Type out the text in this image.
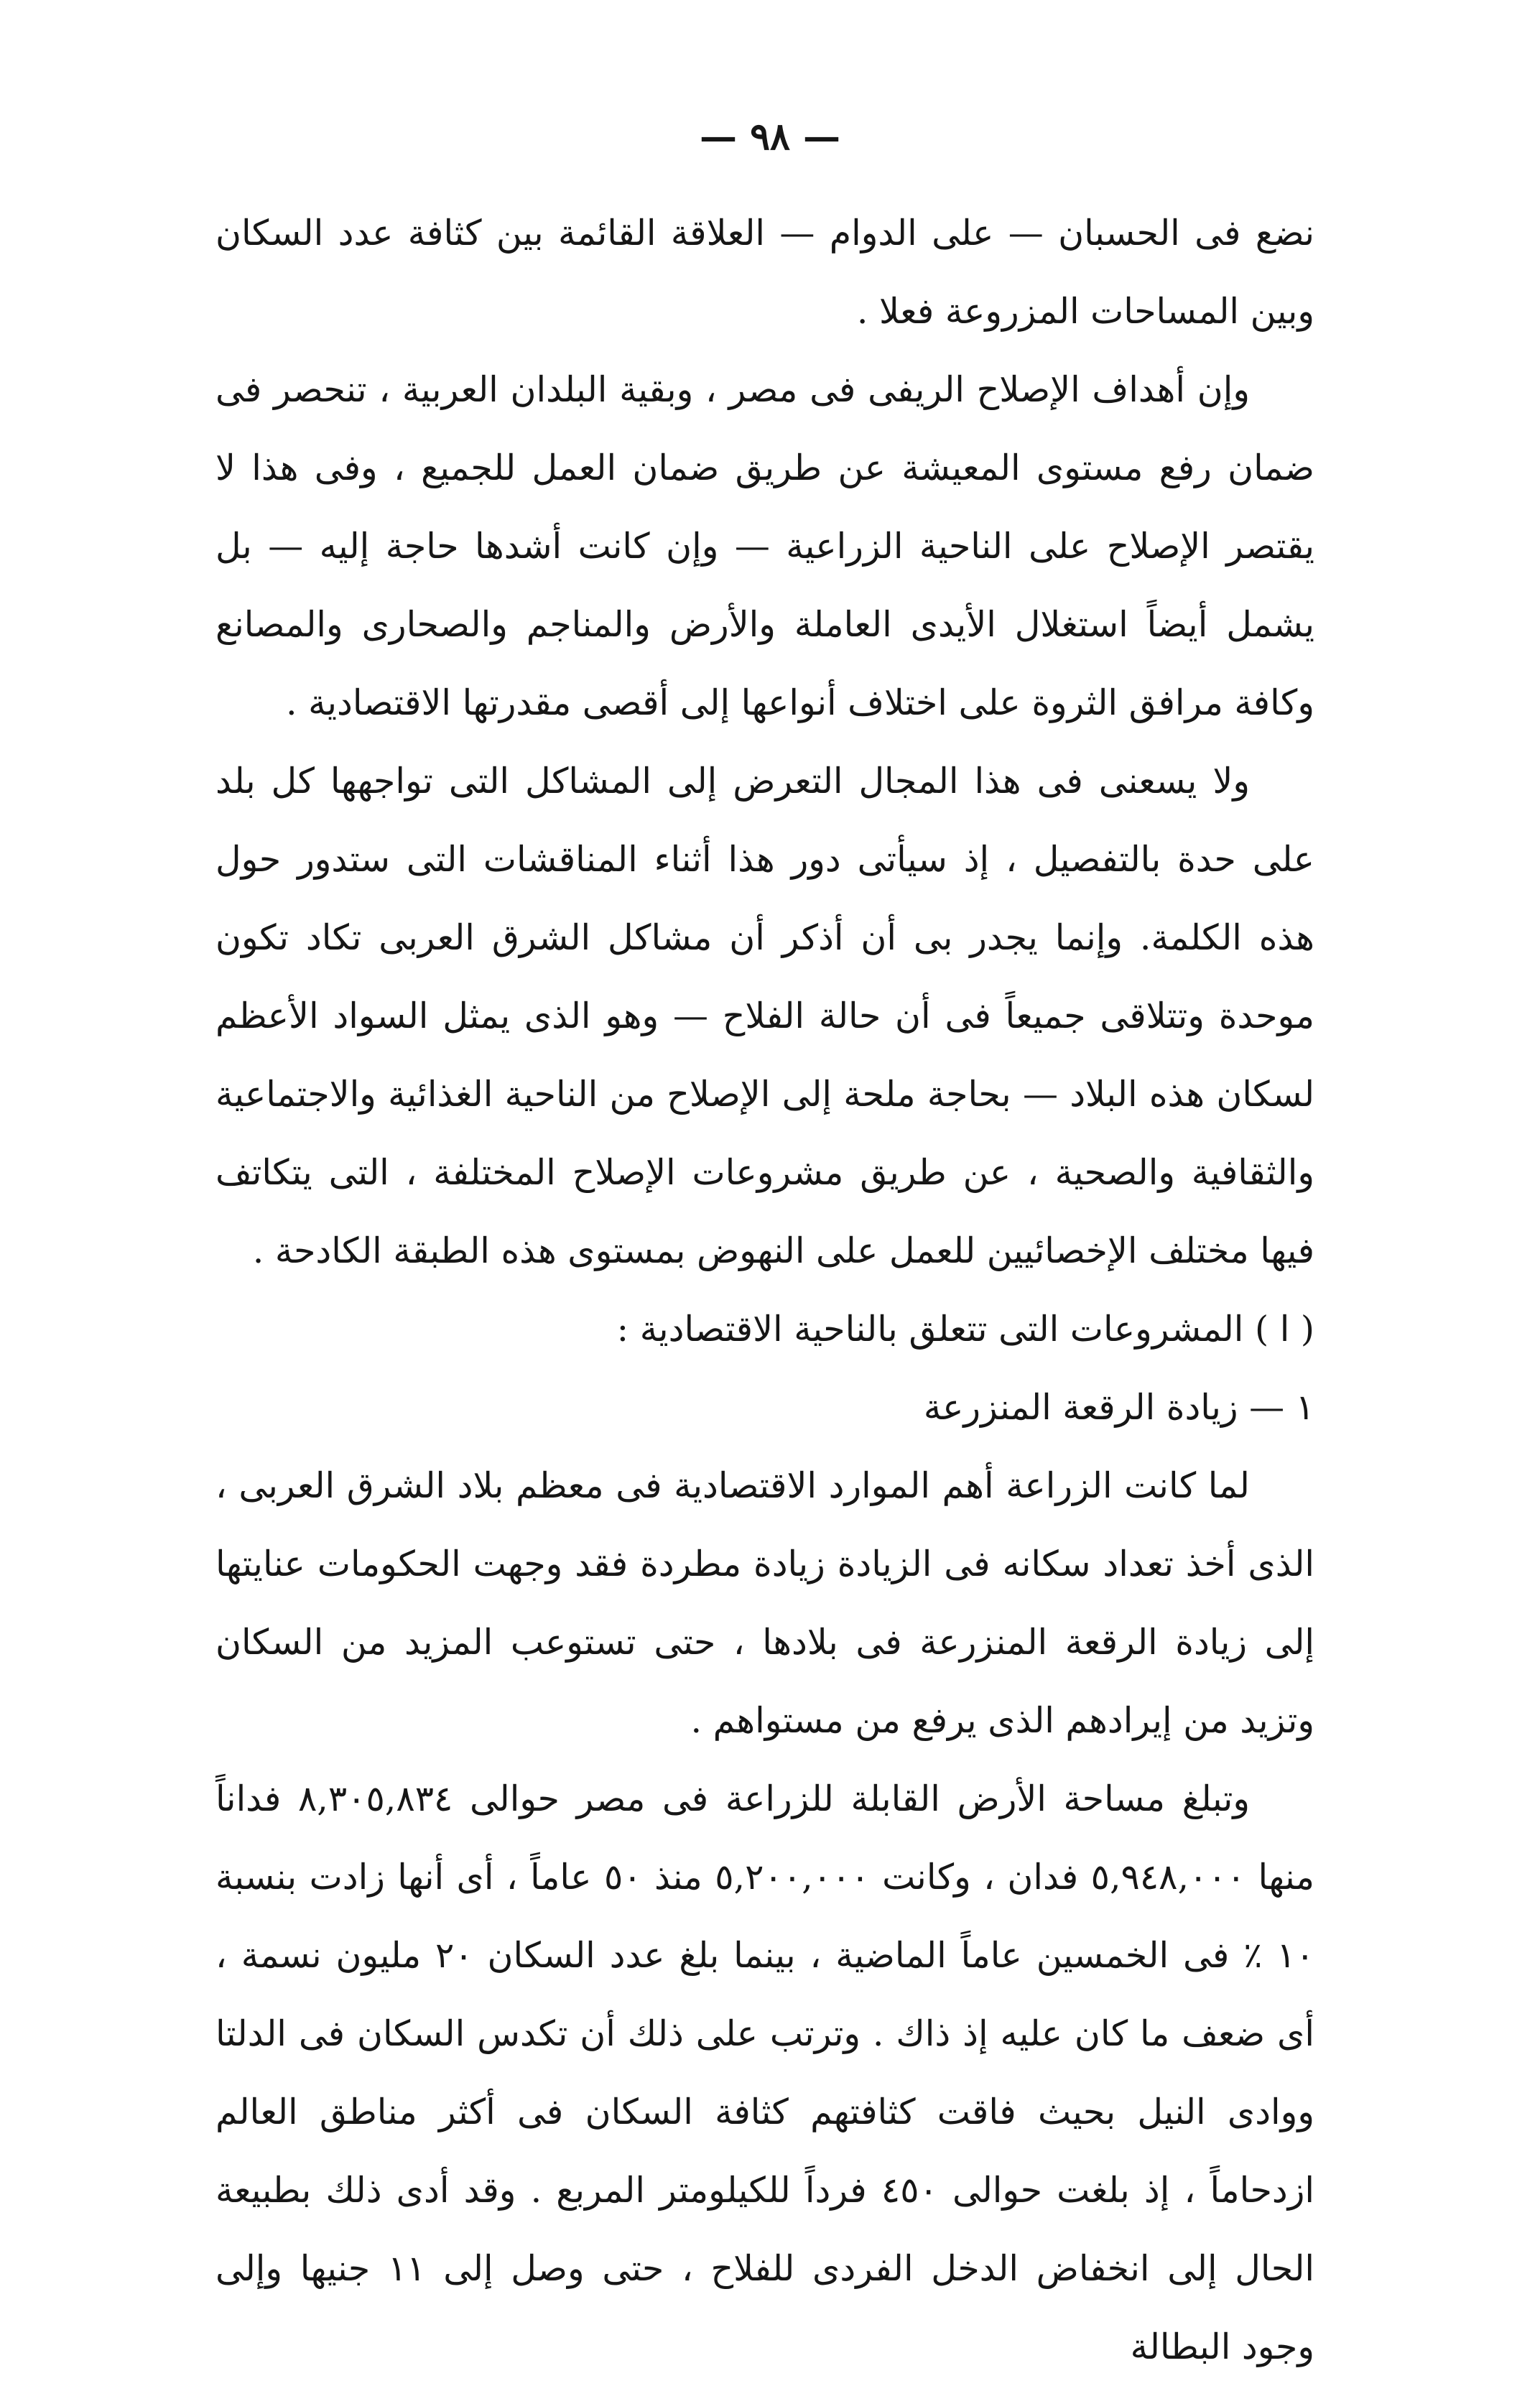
— ٩٨ —

نضع فى الحسبان — على الدوام — العلاقة القائمة بين كثافة عدد السكان وبين المساحات المزروعة فعلا .

وإن أهداف الإصلاح الريفى فى مصر ، وبقية البلدان العربية ، تنحصر فى ضمان رفع مستوى المعيشة عن طريق ضمان العمل للجميع ، وفى هذا لا يقتصر الإصلاح على الناحية الزراعية — وإن كانت أشدها حاجة إليه — بل يشمل أيضاً استغلال الأيدى العاملة والأرض والمناجم والصحارى والمصانع وكافة مرافق الثروة على اختلاف أنواعها إلى أقصى مقدرتها الاقتصادية .

ولا يسعنى فى هذا المجال التعرض إلى المشاكل التى تواجهها كل بلد على حدة بالتفصيل ، إذ سيأتى دور هذا أثناء المناقشات التى ستدور حول هذه الكلمة. وإنما يجدر بى أن أذكر أن مشاكل الشرق العربى تكاد تكون موحدة وتتلاقى جميعاً فى أن حالة الفلاح — وهو الذى يمثل السواد الأعظم لسكان هذه البلاد — بحاجة ملحة إلى الإصلاح من الناحية الغذائية والاجتماعية والثقافية والصحية ، عن طريق مشروعات الإصلاح المختلفة ، التى يتكاتف فيها مختلف الإخصائيين للعمل على النهوض بمستوى هذه الطبقة الكادحة .

( ا ) المشروعات التى تتعلق بالناحية الاقتصادية :

١ — زيادة الرقعة المنزرعة

لما كانت الزراعة أهم الموارد الاقتصادية فى معظم بلاد الشرق العربى ، الذى أخذ تعداد سكانه فى الزيادة زيادة مطردة فقد وجهت الحكومات عنايتها إلى زيادة الرقعة المنزرعة فى بلادها ، حتى تستوعب المزيد من السكان وتزيد من إيرادهم الذى يرفع من مستواهم .

وتبلغ مساحة الأرض القابلة للزراعة فى مصر حوالى ٨,٣٠٥,٨٣٤ فداناً منها ٥,٩٤٨,٠٠٠ فدان ، وكانت ٥,٢٠٠,٠٠٠ منذ ٥٠ عاماً ، أى أنها زادت بنسبة ١٠ ٪ فى الخمسين عاماً الماضية ، بينما بلغ عدد السكان ٢٠ مليون نسمة ، أى ضعف ما كان عليه إذ ذاك . وترتب على ذلك أن تكدس السكان فى الدلتا ووادى النيل بحيث فاقت كثافتهم كثافة السكان فى أكثر مناطق العالم ازدحاماً ، إذ بلغت حوالى ٤٥٠ فرداً للكيلومتر المربع . وقد أدى ذلك بطبيعة الحال إلى انخفاض الدخل الفردى للفلاح ، حتى وصل إلى ١١ جنيها وإلى وجود البطالة
